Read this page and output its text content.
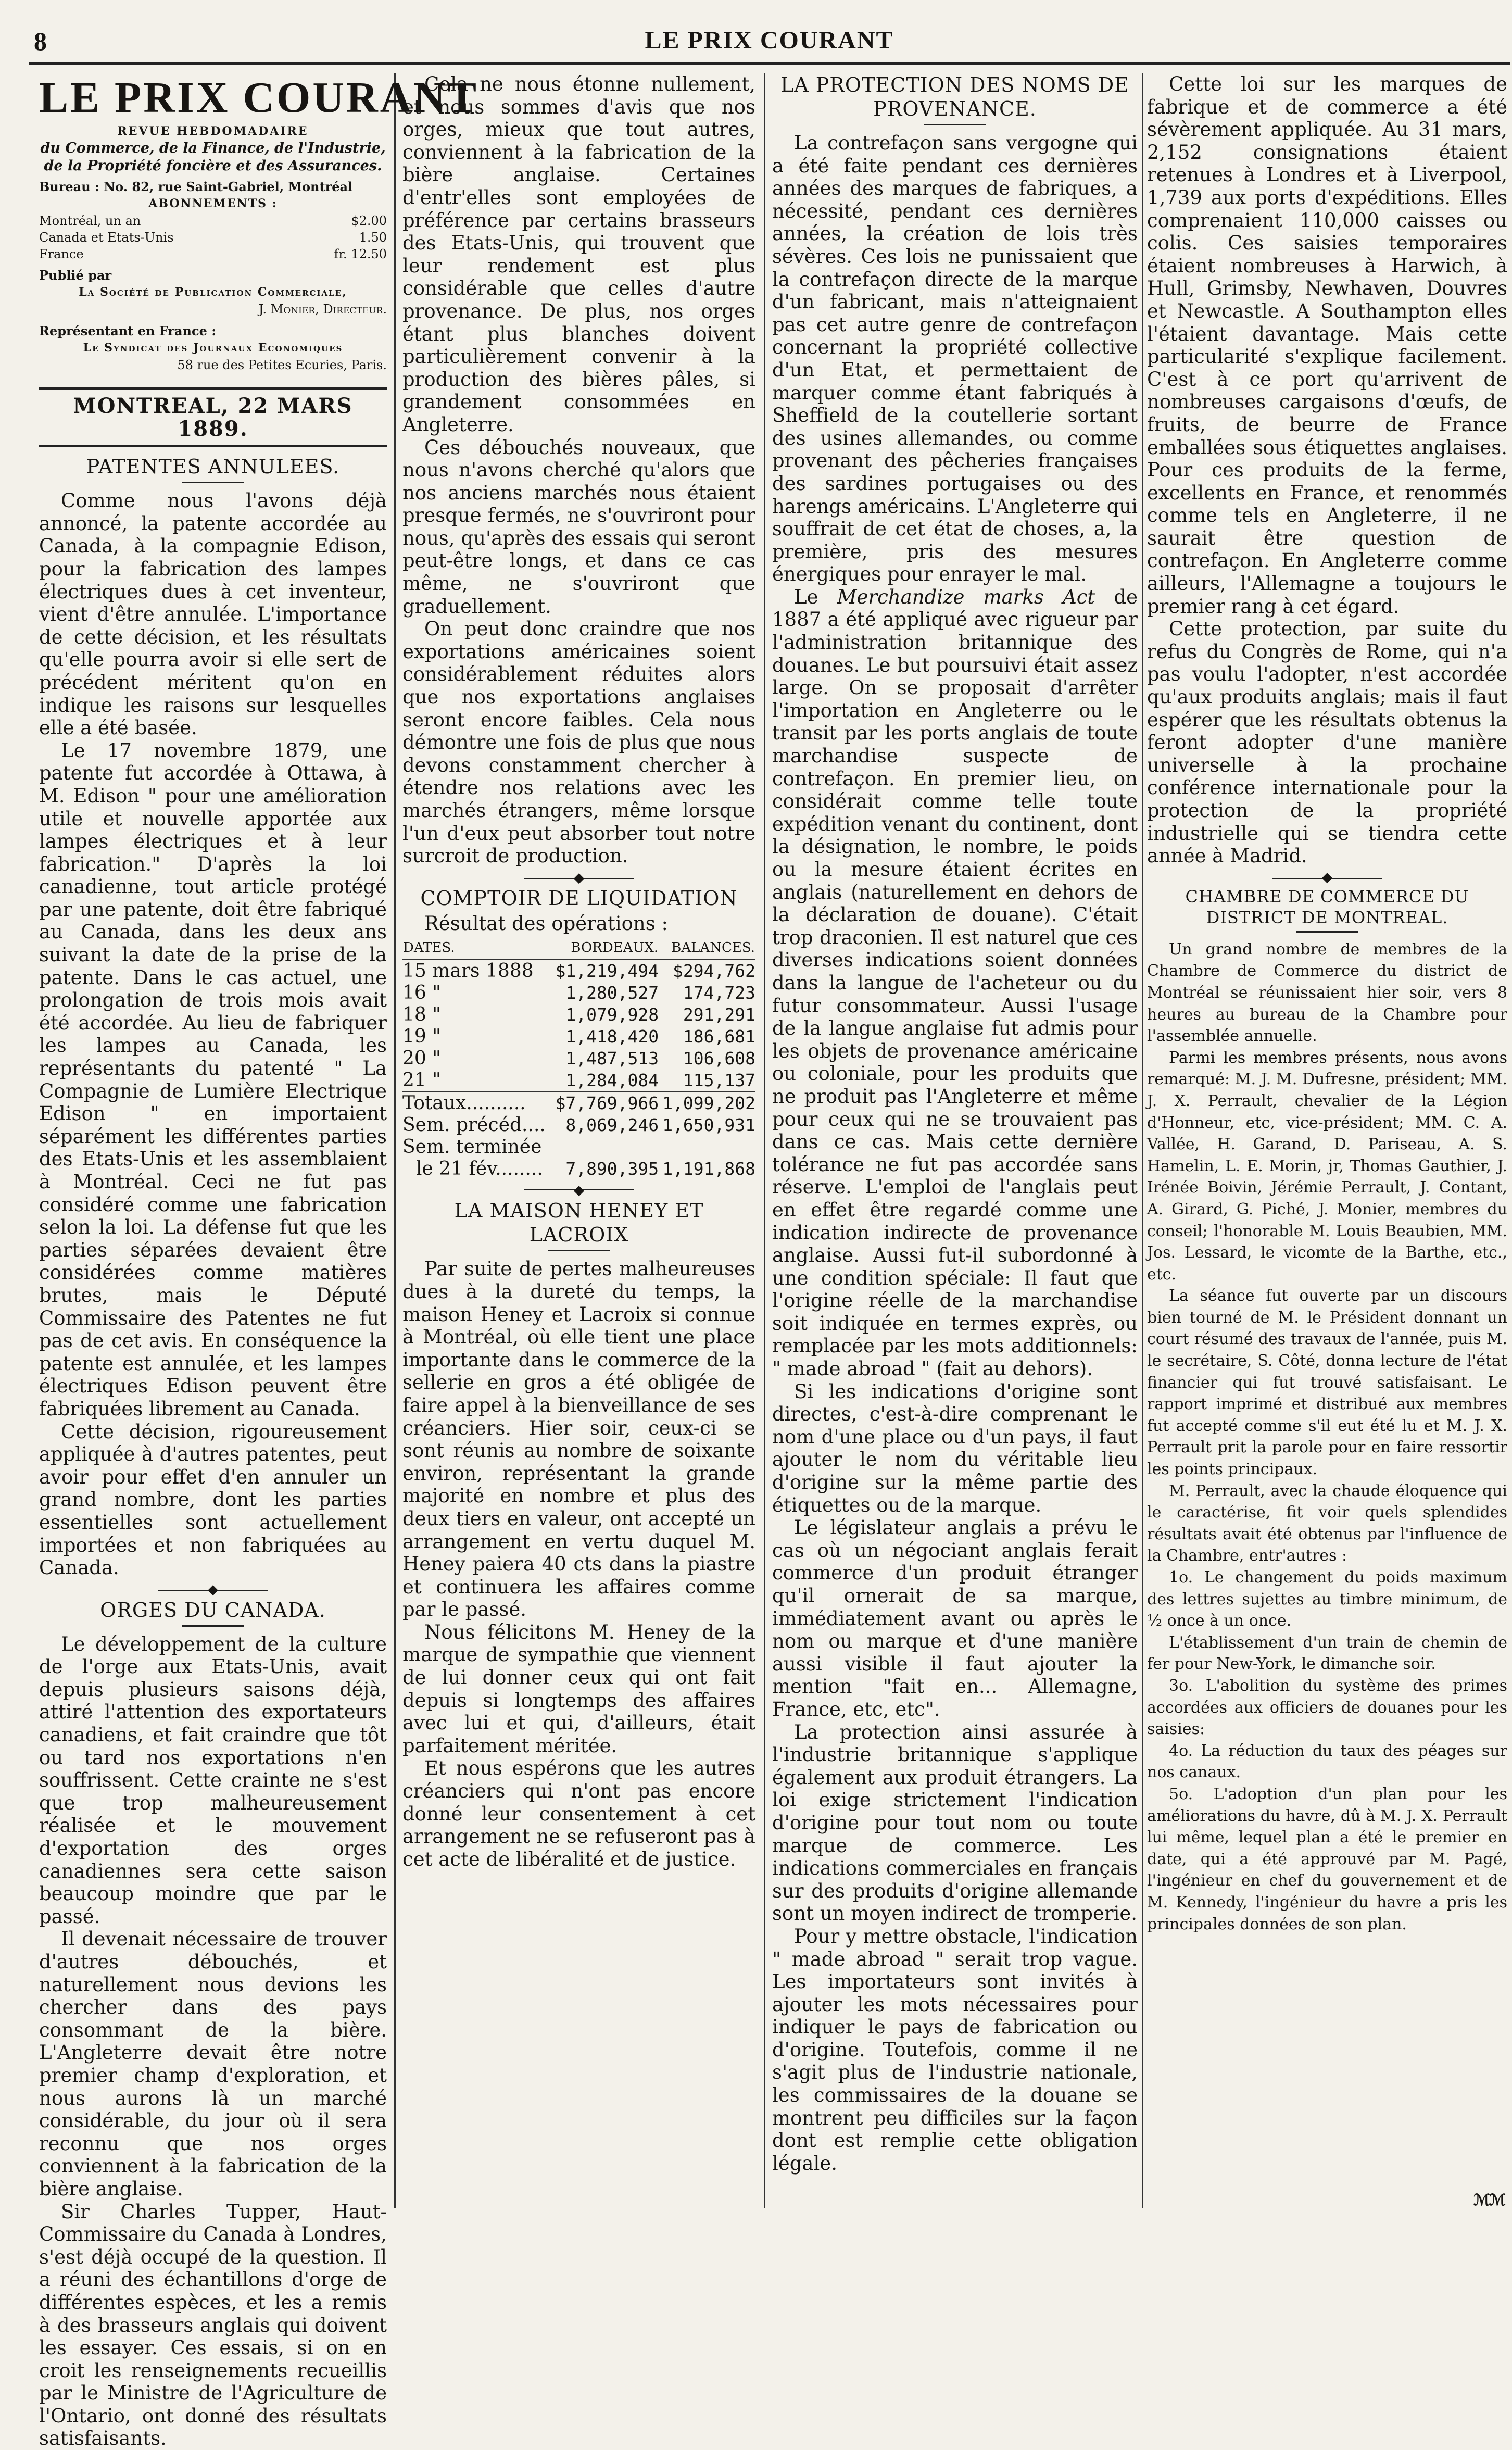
8	LE PRIX COURANT
LE PRIX COURANT
REVUE HEBDOMADAIRE
du Commerce, de la Finance, de l'Industrie,
de la Propriété foncière et des Assurances.
Bureau : No. 82, rue Saint-Gabriel, Montréal
ABONNEMENTS :
Montréal, un an	$2.00
Canada et Etats-Unis	1.50
France	fr. 12.50
Publié par
La Société de Publication Commerciale,
J. Monier, Directeur.
Représentant en France :
Le Syndicat des Journaux Economiques
58 rue des Petites Ecuries, Paris.
MONTREAL, 22 MARS 1889.
PATENTES ANNULEES.

Comme nous l'avons déjà annoncé, la patente accordée au Canada, à la compagnie Edison, pour la fabrication des lampes électriques dues à cet inventeur, vient d'être annulée. L'importance de cette décision, et les résultats qu'elle pourra avoir si elle sert de précédent méritent qu'on en indique les raisons sur lesquelles elle a été basée.

Le 17 novembre 1879, une patente fut accordée à Ottawa, à M. Edison " pour une amélioration utile et nouvelle apportée aux lampes électriques et à leur fabrication." D'après la loi canadienne, tout article protégé par une patente, doit être fabriqué au Canada, dans les deux ans suivant la date de la prise de la patente. Dans le cas actuel, une prolongation de trois mois avait été accordée. Au lieu de fabriquer les lampes au Canada, les représentants du patenté " La Compagnie de Lumière Electrique Edison " en importaient séparément les différentes parties des Etats-Unis et les assemblaient à Montréal. Ceci ne fut pas considéré comme une fabrication selon la loi. La défense fut que les parties séparées devaient être considérées comme matières brutes, mais le Député Commissaire des Patentes ne fut pas de cet avis. En conséquence la patente est annulée, et les lampes électriques Edison peuvent être fabriquées librement au Canada.

Cette décision, rigoureusement appliquée à d'autres patentes, peut avoir pour effet d'en annuler un grand nombre, dont les parties essentielles sont actuellement importées et non fabriquées au Canada.

◆
ORGES DU CANADA.

Le développement de la culture de l'orge aux Etats-Unis, avait depuis plusieurs saisons déjà, attiré l'attention des exportateurs canadiens, et fait craindre que tôt ou tard nos exportations n'en souffrissent. Cette crainte ne s'est que trop malheureusement réalisée et le mouvement d'exportation des orges canadiennes sera cette saison beaucoup moindre que par le passé.

Il devenait nécessaire de trouver d'autres débouchés, et naturellement nous devions les chercher dans des pays consommant de la bière. L'Angleterre devait être notre premier champ d'exploration, et nous aurons là un marché considérable, du jour où il sera reconnu que nos orges conviennent à la fabrication de la bière anglaise.

Sir Charles Tupper, Haut-Commissaire du Canada à Londres, s'est déjà occupé de la question. Il a réuni des échantillons d'orge de différentes espèces, et les a remis à des brasseurs anglais qui doivent les essayer. Ces essais, si on en croit les renseignements recueillis par le Ministre de l'Agriculture de l'Ontario, ont donné des résultats satisfaisants.

Cela ne nous étonne nullement, et nous sommes d'avis que nos orges, mieux que tout autres, conviennent à la fabrication de la bière anglaise. Certaines d'entr'elles sont employées de préférence par certains brasseurs des Etats-Unis, qui trouvent que leur rendement est plus considérable que celles d'autre provenance. De plus, nos orges étant plus blanches doivent particulièrement convenir à la production des bières pâles, si grandement consommées en Angleterre.

Ces débouchés nouveaux, que nous n'avons cherché qu'alors que nos anciens marchés nous étaient presque fermés, ne s'ouvriront pour nous, qu'après des essais qui seront peut-être longs, et dans ce cas même, ne s'ouvriront que graduellement.

On peut donc craindre que nos exportations américaines soient considérablement réduites alors que nos exportations anglaises seront encore faibles. Cela nous démontre une fois de plus que nous devons constamment chercher à étendre nos relations avec les marchés étrangers, même lorsque l'un d'eux peut absorber tout notre surcroit de production.

◆
COMPTOIR DE LIQUIDATION

Résultat des opérations :

DATES.	BORDEAUX.	BALANCES.
15 mars 1888	$1,219,494	$294,762
16 "	1,280,527	174,723
18 "	1,079,928	291,291
19 "	1,418,420	186,681
20 "	1,487,513	106,608
21 "	1,284,084	115,137
Totaux..........	$7,769,966	1,099,202
Sem. précéd....	8,069,246	1,650,931
Sem. terminée		
le 21 fév........	7,890,395	1,191,868
◆
LA MAISON HENEY ET
LACROIX

Par suite de pertes malheureuses dues à la dureté du temps, la maison Heney et Lacroix si connue à Montréal, où elle tient une place importante dans le commerce de la sellerie en gros a été obligée de faire appel à la bienveillance de ses créanciers. Hier soir, ceux-ci se sont réunis au nombre de soixante environ, représentant la grande majorité en nombre et plus des deux tiers en valeur, ont accepté un arrangement en vertu duquel M. Heney paiera 40 cts dans la piastre et continuera les affaires comme par le passé.

Nous félicitons M. Heney de la marque de sympathie que viennent de lui donner ceux qui ont fait depuis si longtemps des affaires avec lui et qui, d'ailleurs, était parfaitement méritée.

Et nous espérons que les autres créanciers qui n'ont pas encore donné leur consentement à cet arrangement ne se refuseront pas à cet acte de libéralité et de justice.

LA PROTECTION DES NOMS DE
PROVENANCE.

La contrefaçon sans vergogne qui a été faite pendant ces dernières années des marques de fabriques, a nécessité, pendant ces dernières années, la création de lois très sévères. Ces lois ne punissaient que la contrefaçon directe de la marque d'un fabricant, mais n'atteignaient pas cet autre genre de contrefaçon concernant la propriété collective d'un Etat, et permettaient de marquer comme étant fabriqués à Sheffield de la coutellerie sortant des usines allemandes, ou comme provenant des pêcheries françaises des sardines portugaises ou des harengs américains. L'Angleterre qui souffrait de cet état de choses, a, la première, pris des mesures énergiques pour enrayer le mal.

Le Merchandize marks Act de 1887 a été appliqué avec rigueur par l'administration britannique des douanes. Le but poursuivi était assez large. On se proposait d'arrêter l'importation en Angleterre ou le transit par les ports anglais de toute marchandise suspecte de contrefaçon. En premier lieu, on considérait comme telle toute expédition venant du continent, dont la désignation, le nombre, le poids ou la mesure étaient écrites en anglais (naturellement en dehors de la déclaration de douane). C'était trop draconien. Il est naturel que ces diverses indications soient données dans la langue de l'acheteur ou du futur consommateur. Aussi l'usage de la langue anglaise fut admis pour les objets de provenance américaine ou coloniale, pour les produits que ne produit pas l'Angleterre et même pour ceux qui ne se trouvaient pas dans ce cas. Mais cette dernière tolérance ne fut pas accordée sans réserve. L'emploi de l'anglais peut en effet être regardé comme une indication indirecte de provenance anglaise. Aussi fut-il subordonné à une condition spéciale: Il faut que l'origine réelle de la marchandise soit indiquée en termes exprès, ou remplacée par les mots additionnels: " made abroad " (fait au dehors).

Si les indications d'origine sont directes, c'est-à-dire comprenant le nom d'une place ou d'un pays, il faut ajouter le nom du véritable lieu d'origine sur la même partie des étiquettes ou de la marque.

Le législateur anglais a prévu le cas où un négociant anglais ferait commerce d'un produit étranger qu'il ornerait de sa marque, immédiatement avant ou après le nom ou marque et d'une manière aussi visible il faut ajouter la mention "fait en... Allemagne, France, etc, etc".

La protection ainsi assurée à l'industrie britannique s'applique également aux produit étrangers. La loi exige strictement l'indication d'origine pour tout nom ou toute marque de commerce. Les indications commerciales en français sur des produits d'origine allemande sont un moyen indirect de tromperie.

Pour y mettre obstacle, l'indication " made abroad " serait trop vague. Les importateurs sont invités à ajouter les mots nécessaires pour indiquer le pays de fabrication ou d'origine. Toutefois, comme il ne s'agit plus de l'industrie nationale, les commissaires de la douane se montrent peu difficiles sur la façon dont est remplie cette obligation légale.

Cette loi sur les marques de fabrique et de commerce a été sévèrement appliquée. Au 31 mars, 2,152 consignations étaient retenues à Londres et à Liverpool, 1,739 aux ports d'expéditions. Elles comprenaient 110,000 caisses ou colis. Ces saisies temporaires étaient nombreuses à Harwich, à Hull, Grimsby, Newhaven, Douvres et Newcastle. A Southampton elles l'étaient davantage. Mais cette particularité s'explique facilement. C'est à ce port qu'arrivent de nombreuses cargaisons d'œufs, de fruits, de beurre de France emballées sous étiquettes anglaises. Pour ces produits de la ferme, excellents en France, et renommés comme tels en Angleterre, il ne saurait être question de contrefaçon. En Angleterre comme ailleurs, l'Allemagne a toujours le premier rang à cet égard.

Cette protection, par suite du refus du Congrès de Rome, qui n'a pas voulu l'adopter, n'est accordée qu'aux produits anglais; mais il faut espérer que les résultats obtenus la feront adopter d'une manière universelle à la prochaine conférence internationale pour la protection de la propriété industrielle qui se tiendra cette année à Madrid.

◆
CHAMBRE DE COMMERCE DU
DISTRICT DE MONTREAL.

Un grand nombre de membres de la Chambre de Commerce du district de Montréal se réunissaient hier soir, vers 8 heures au bureau de la Chambre pour l'assemblée annuelle.

Parmi les membres présents, nous avons remarqué: M. J. M. Dufresne, président; MM. J. X. Perrault, chevalier de la Légion d'Honneur, etc, vice-président; MM. C. A. Vallée, H. Garand, D. Pariseau, A. S. Hamelin, L. E. Morin, jr, Thomas Gauthier, J. Irénée Boivin, Jérémie Perrault, J. Contant, A. Girard, G. Piché, J. Monier, membres du conseil; l'honorable M. Louis Beaubien, MM. Jos. Lessard, le vicomte de la Barthe, etc., etc.

La séance fut ouverte par un discours bien tourné de M. le Président donnant un court résumé des travaux de l'année, puis M. le secrétaire, S. Côté, donna lecture de l'état financier qui fut trouvé satisfaisant. Le rapport imprimé et distribué aux membres fut accepté comme s'il eut été lu et M. J. X. Perrault prit la parole pour en faire ressortir les points principaux.

M. Perrault, avec la chaude éloquence qui le caractérise, fit voir quels splendides résultats avait été obtenus par l'influence de la Chambre, entr'autres :

1o. Le changement du poids maximum des lettres sujettes au timbre minimum, de ½ once à un once.

L'établissement d'un train de chemin de fer pour New-York, le dimanche soir.

3o. L'abolition du système des primes accordées aux officiers de douanes pour les saisies:

4o. La réduction du taux des péages sur nos canaux.

5o. L'adoption d'un plan pour les améliorations du havre, dû à M. J. X. Perrault lui même, lequel plan a été le premier en date, qui a été approuvé par M. Pagé, l'ingénieur en chef du gouvernement et de M. Kennedy, l'ingénieur du havre a pris les principales données de son plan.

ℳℳ
